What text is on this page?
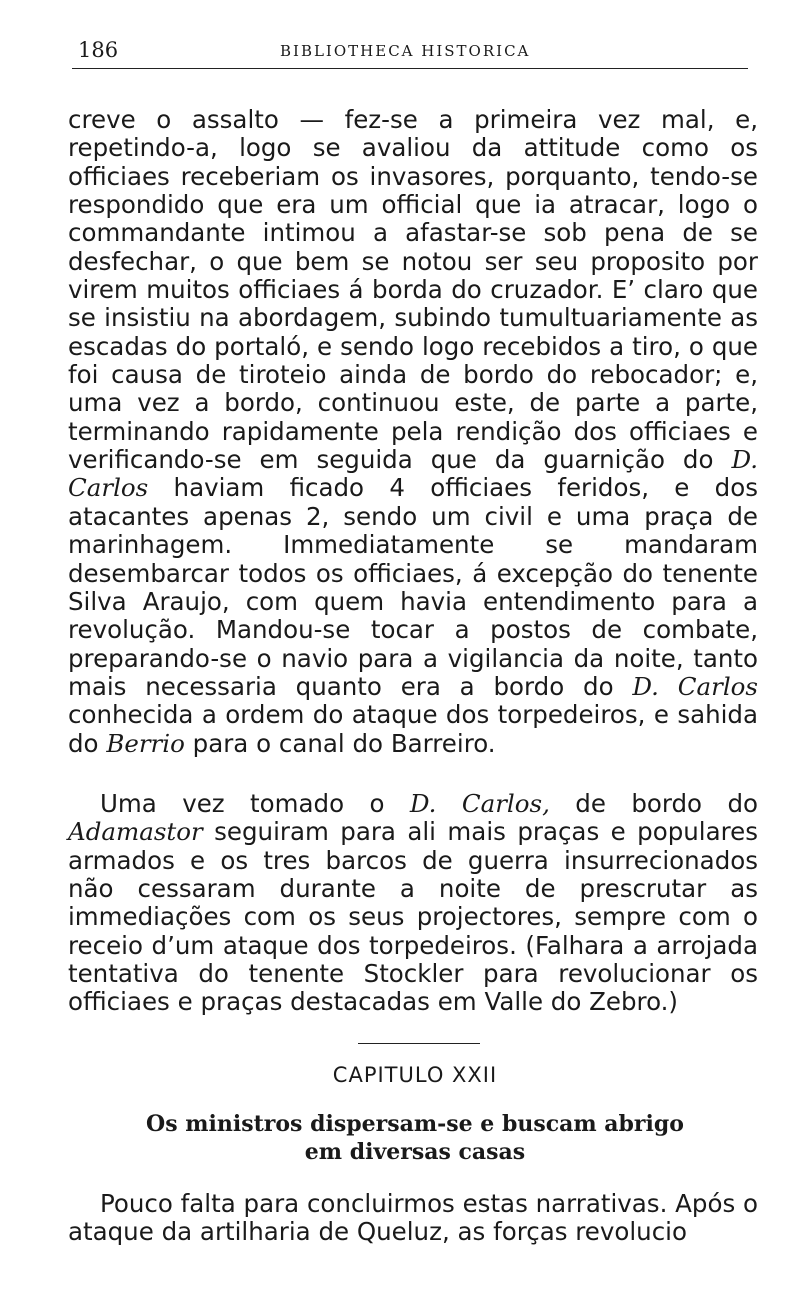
186	BIBLIOTHECA HISTORICA

creve o assalto — fez-se a primeira vez mal, e, repetindo-a, logo se avaliou da attitude como os officiaes receberiam os invasores, porquanto, tendo-se respondido que era um official que ia atracar, logo o commandante intimou a afastar-se sob pena de se desfechar, o que bem se notou ser seu proposito por virem muitos officiaes á borda do cruzador. E’ claro que se insistiu na abordagem, subindo tumultuariamente as escadas do portaló, e sendo logo recebidos a tiro, o que foi causa de tiroteio ainda de bordo do rebocador; e, uma vez a bordo, continuou este, de parte a parte, terminando rapidamente pela rendição dos officiaes e verificando-se em seguida que da guarnição do D. Carlos haviam ficado 4 officiaes feridos, e dos atacantes apenas 2, sendo um civil e uma praça de marinhagem. Immediatamente se mandaram desembarcar todos os officiaes, á excepção do tenente Silva Araujo, com quem havia entendimento para a revolução. Mandou-se tocar a postos de combate, preparando-se o navio para a vigilancia da noite, tanto mais necessaria quanto era a bordo do D. Carlos conhecida a ordem do ataque dos torpedeiros, e sahida do Berrio para o canal do Barreiro.

Uma vez tomado o D. Carlos, de bordo do Adamastor seguiram para ali mais praças e populares armados e os tres barcos de guerra insurrecionados não cessaram durante a noite de prescrutar as immediações com os seus projectores, sempre com o receio d’um ataque dos torpedeiros. (Falhara a arrojada tentativa do tenente Stockler para revolucionar os officiaes e praças destacadas em Valle do Zebro.)

CAPITULO XXII
Os ministros dispersam-se e buscam abrigo
em diversas casas

Pouco falta para concluirmos estas narrativas. Após o ataque da artilharia de Queluz, as forças revolucio
